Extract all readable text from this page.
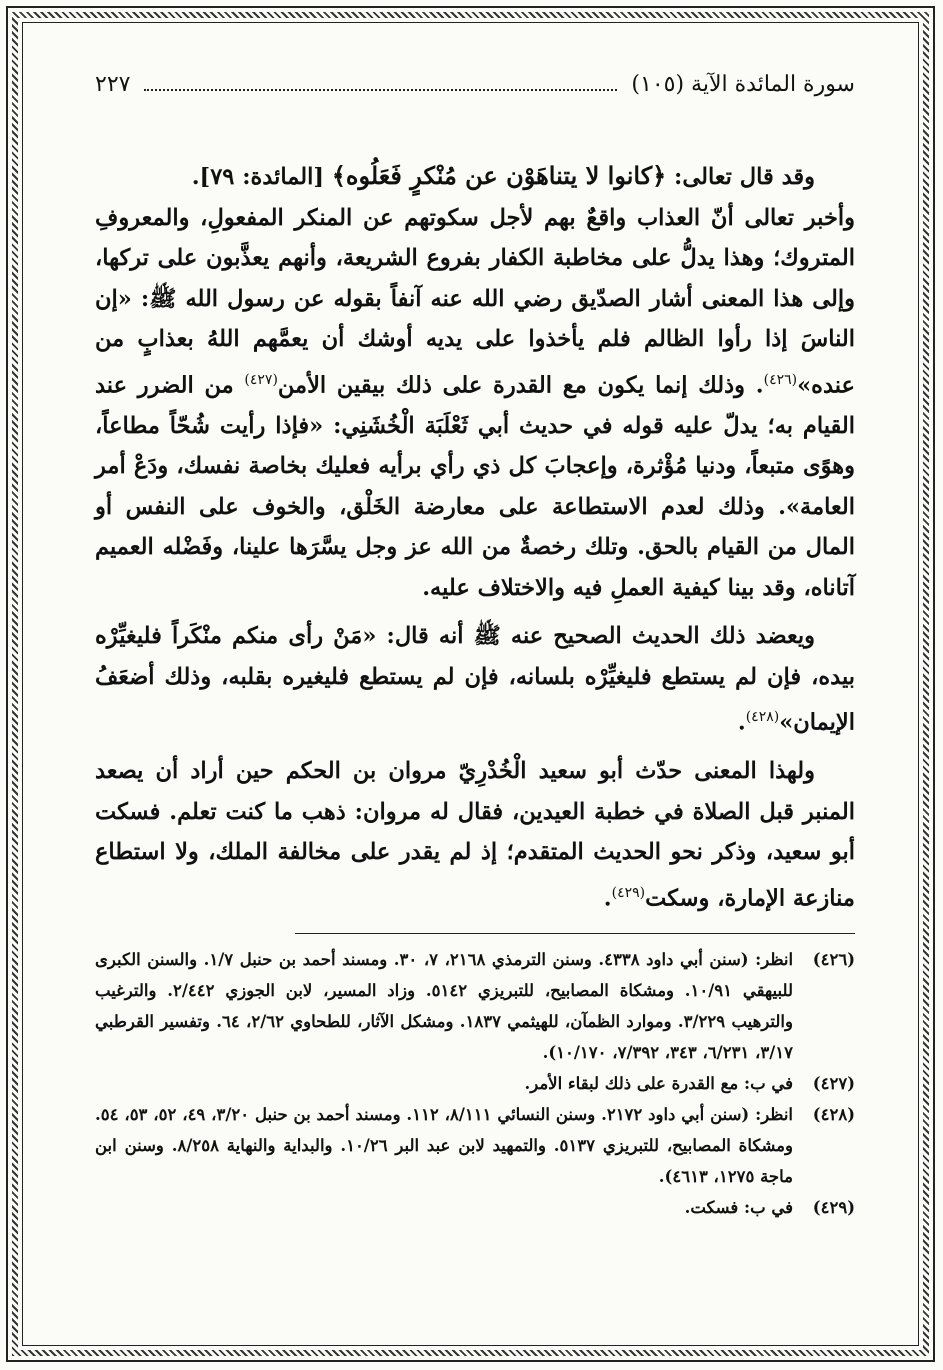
سورة المائدة الآية (١٠٥)
٢٢٧

وقد قال تعالى: ﴿كانوا لا يتناهَوْن عن مُنْكرٍ فَعَلُوه﴾ [المائدة: ٧٩].

وأخبر تعالى أنّ العذاب واقعٌ بهم لأجل سكوتهم عن المنكر المفعولِ، والمعروفِ المتروك؛ وهذا يدلُّ على مخاطبة الكفار بفروع الشريعة، وأنهم يعذَّبون على تركها، وإلى هذا المعنى أشار الصدّيق رضي الله عنه آنفاً بقوله عن رسول الله ﷺ: «إن الناسَ إذا رأوا الظالم فلم يأخذوا على يديه أوشك أن يعمَّهم اللهُ بعذابٍ من عنده»$^{(٤٢٦)}$. وذلك إنما يكون مع القدرة على ذلك بيقين الأمن$^{(٤٢٧)}$ من الضرر عند القيام به؛ يدلّ عليه قوله في حديث أبي ثَعْلَبَة الْخُشَنِي: «فإذا رأيت شُحّاً مطاعاً، وهوًى متبعاً، ودنيا مُؤْثرة، وإعجابَ كل ذي رأي برأيه فعليك بخاصة نفسك، ودَعْ أمر العامة». وذلك لعدم الاستطاعة على معارضة الخَلْق، والخوف على النفس أو المال من القيام بالحق. وتلك رخصةٌ من الله عز وجل يسَّرَها علينا، وفَضْله العميم آتاناه، وقد بينا كيفية العملِ فيه والاختلاف عليه.

ويعضد ذلك الحديث الصحيح عنه ﷺ أنه قال: «مَنْ رأى منكم منْكَراً فليغيِّرْه بيده، فإن لم يستطع فليغيِّرْه بلسانه، فإن لم يستطع فليغيره بقلبه، وذلك أضعَفُ الإيمان»$^{(٤٢٨)}$.

ولهذا المعنى حدّث أبو سعيد الْخُدْرِيّ مروان بن الحكم حين أراد أن يصعد المنبر قبل الصلاة في خطبة العيدين، فقال له مروان: ذهب ما كنت تعلم. فسكت أبو سعيد، وذكر نحو الحديث المتقدم؛ إذ لم يقدر على مخالفة الملك، ولا استطاع منازعة الإمارة، وسكت$^{(٤٢٩)}$.

(٤٢٦)
انظر: (سنن أبي داود ٤٣٣٨. وسنن الترمذي ٢١٦٨، ٧، ٣٠. ومسند أحمد بن حنبل ١/٧. والسنن الكبرى للبيهقي ١٠/٩١. ومشكاة المصابيح، للتبريزي ٥١٤٢. وزاد المسير، لابن الجوزي ٢/٤٤٢. والترغيب والترهيب ٣/٢٢٩. وموارد الظمآن، للهيثمي ١٨٣٧. ومشكل الآثار، للطحاوي ٢/٦٢، ٦٤. وتفسير القرطبي ٣/١٧، ٦/٢٣١، ٣٤٣، ٧/٣٩٢، ١٠/١٧٠).

(٤٢٧)
في ب: مع القدرة على ذلك لبقاء الأمر.

(٤٢٨)
انظر: (سنن أبي داود ٢١٧٢. وسنن النسائي ٨/١١١، ١١٢. ومسند أحمد بن حنبل ٣/٢٠، ٤٩، ٥٢، ٥٣، ٥٤. ومشكاة المصابيح، للتبريزي ٥١٣٧. والتمهيد لابن عبد البر ١٠/٢٦. والبداية والنهاية ٨/٢٥٨. وسنن ابن ماجة ١٢٧٥، ٤٦١٣).

(٤٢٩)
في ب: فسكت.
